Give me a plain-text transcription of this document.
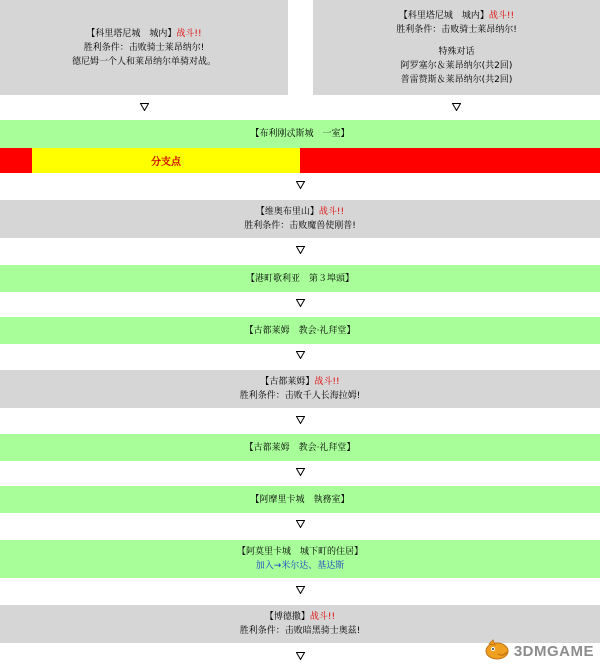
【科里塔尼城　城内】战斗!!
胜利条件：击败骑士莱昂纳尔!
德尼姆一个人和莱昂纳尔单骑对战。
【科里塔尼城　城内】战斗!!
胜利条件：击败骑士莱昂纳尔!
特殊对话
阿罗塞尔＆莱昂纳尔(共2回)
普雷赞斯＆莱昂纳尔(共2回)
【布利刚忒斯城　一室】
分支点
【维奥布里山】战斗!!
胜利条件：击败魔兽使刚普!
【港町歌利亚　第３埠頭】
【古都莱姆　教会·礼拜堂】
【古都莱姆】战斗!!
胜利条件：击败千人长海拉姆!
【古都莱姆　教会·礼拜堂】
【阿摩里卡城　執務室】
【阿莫里卡城　城下町的住居】
加入→米尔达、基达斯
【博德撒】战斗!!
胜利条件：击败暗黑骑士奥兹!
3DMGAME
